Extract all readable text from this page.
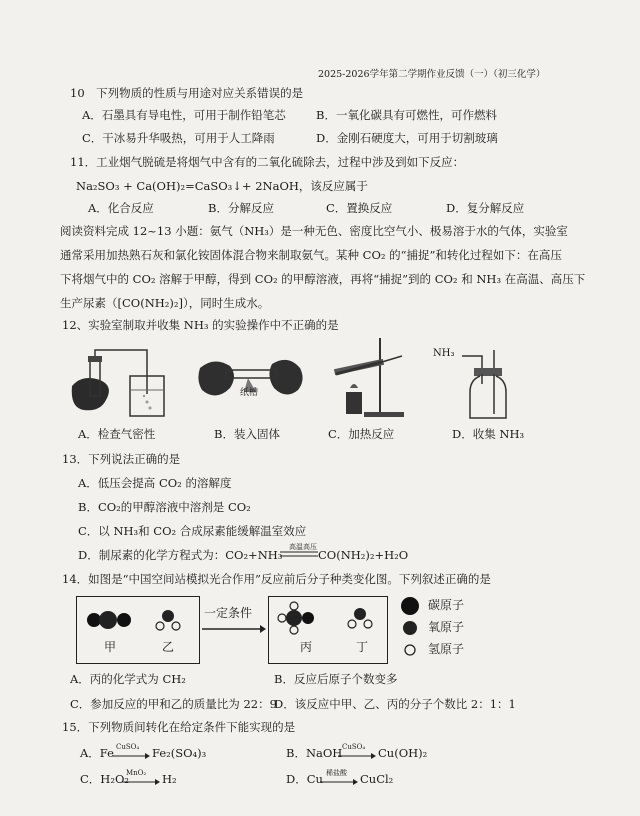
2025-2026学年第二学期作业反馈（一）（初三化学）
10　下列物质的性质与用途对应关系错误的是
A．石墨具有导电性，可用于制作铅笔芯	B．一氧化碳具有可燃性，可作燃料
C．干冰易升华吸热，可用于人工降雨	D．金刚石硬度大，可用于切割玻璃
11．工业烟气脱硫是将烟气中含有的二氧化硫除去，过程中涉及到如下反应：
Na₂SO₃ + Ca(OH)₂=CaSO₃↓+ 2NaOH，该反应属于
A．化合反应	B．分解反应	C．置换反应	D．复分解反应
阅读资料完成 12~13 小题：氨气（NH₃）是一种无色、密度比空气小、极易溶于水的气体，实验室
通常采用加热熟石灰和氯化铵固体混合物来制取氨气。某种 CO₂ 的“捕捉”和转化过程如下：在高压
下将烟气中的 CO₂ 溶解于甲醇，得到 CO₂ 的甲醇溶液，再将“捕捉”到的 CO₂ 和 NH₃ 在高温、高压下
生产尿素（[CO(NH₂)₂]），同时生成水。
12、实验室制取并收集 NH₃ 的实验操作中不正确的是
A．检查气密性
纸槽
B．装入固体	C．加热反应
NH₃
D．收集 NH₃
13．下列说法正确的是
A．低压会提高 CO₂ 的溶解度
B．CO₂的甲醇溶液中溶剂是 CO₂
C．以 NH₃和 CO₂ 合成尿素能缓解温室效应
D．制尿素的化学方程式为：CO₂+NH₃
高温高压
CO(NH₂)₂+H₂O
14．如图是“中国空间站模拟光合作用”反应前后分子种类变化图。下列叙述正确的是
甲	乙
一定条件
丙	丁
碳原子
氧原子
氢原子
A．丙的化学式为 CH₂	B．反应后原子个数变多
C．参加反应的甲和乙的质量比为 22：9
D．该反应中甲、乙、丙的分子个数比 2：1：1
15．下列物质间转化在给定条件下能实现的是
A．Fe CuSO₄ Fe₂(SO₄)₃	B．NaOH CuSO₄ Cu(OH)₂
C．H₂O₂
MnO₂ H₂	D．Cu 稀盐酸 CuCl₂
